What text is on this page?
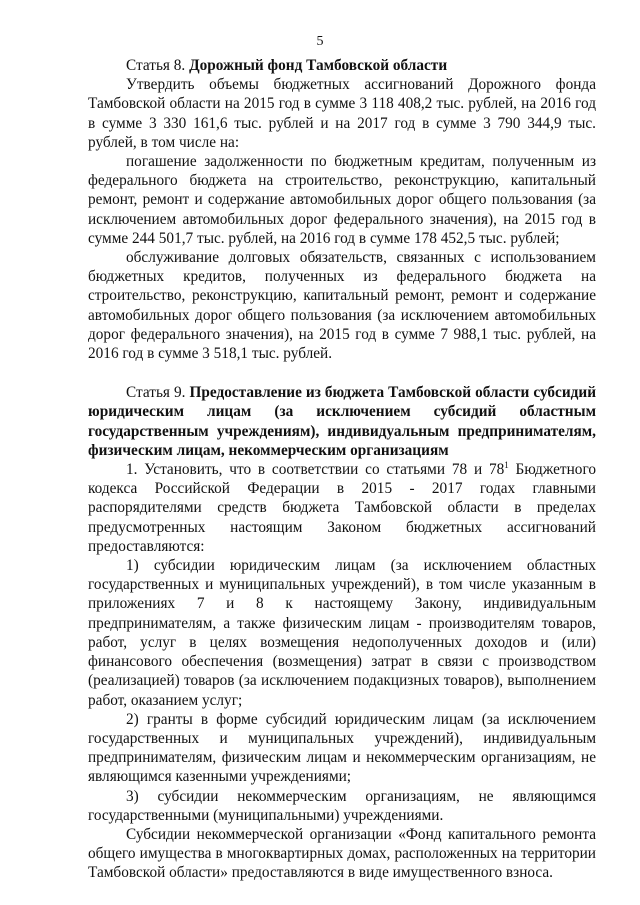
5

Статья 8. Дорожный фонд Тамбовской области

Утвердить объемы бюджетных ассигнований Дорожного фонда Тамбовской области на 2015 год в сумме 3 118 408,2 тыс. рублей, на 2016 год в сумме 3 330 161,6 тыс. рублей и на 2017 год в сумме 3 790 344,9 тыс. рублей, в том числе на:

погашение задолженности по бюджетным кредитам, полученным из федерального бюджета на строительство, реконструкцию, капитальный ремонт, ремонт и содержание автомобильных дорог общего пользования (за исключением автомобильных дорог федерального значения), на 2015 год в сумме 244 501,7 тыс. рублей, на 2016 год в сумме 178 452,5 тыс. рублей;

обслуживание долговых обязательств, связанных с использованием бюджетных кредитов, полученных из федерального бюджета на строительство, реконструкцию, капитальный ремонт, ремонт и содержание автомобильных дорог общего пользования (за исключением автомобильных дорог федерального значения), на 2015 год в сумме 7 988,1 тыс. рублей, на 2016 год в сумме 3 518,1 тыс. рублей.

Статья 9. Предоставление из бюджета Тамбовской области субсидий юридическим лицам (за исключением субсидий областным государственным учреждениям), индивидуальным предпринимателям, физическим лицам, некоммерческим организациям

1. Установить, что в соответствии со статьями 78 и $78^1$ Бюджетного кодекса Российской Федерации в 2015 - 2017 годах главными распорядителями средств бюджета Тамбовской области в пределах предусмотренных настоящим Законом бюджетных ассигнований предоставляются:

1) субсидии юридическим лицам (за исключением областных государственных и муниципальных учреждений), в том числе указанным в приложениях 7 и 8 к настоящему Закону, индивидуальным предпринимателям, а также физическим лицам - производителям товаров, работ, услуг в целях возмещения недополученных доходов и (или) финансового обеспечения (возмещения) затрат в связи с производством (реализацией) товаров (за исключением подакцизных товаров), выполнением работ, оказанием услуг;

2) гранты в форме субсидий юридическим лицам (за исключением государственных и муниципальных учреждений), индивидуальным предпринимателям, физическим лицам и некоммерческим организациям, не являющимся казенными учреждениями;

3) субсидии некоммерческим организациям, не являющимся государственными (муниципальными) учреждениями.

Субсидии некоммерческой организации «Фонд капитального ремонта общего имущества в многоквартирных домах, расположенных на территории Тамбовской области» предоставляются в виде имущественного взноса.
